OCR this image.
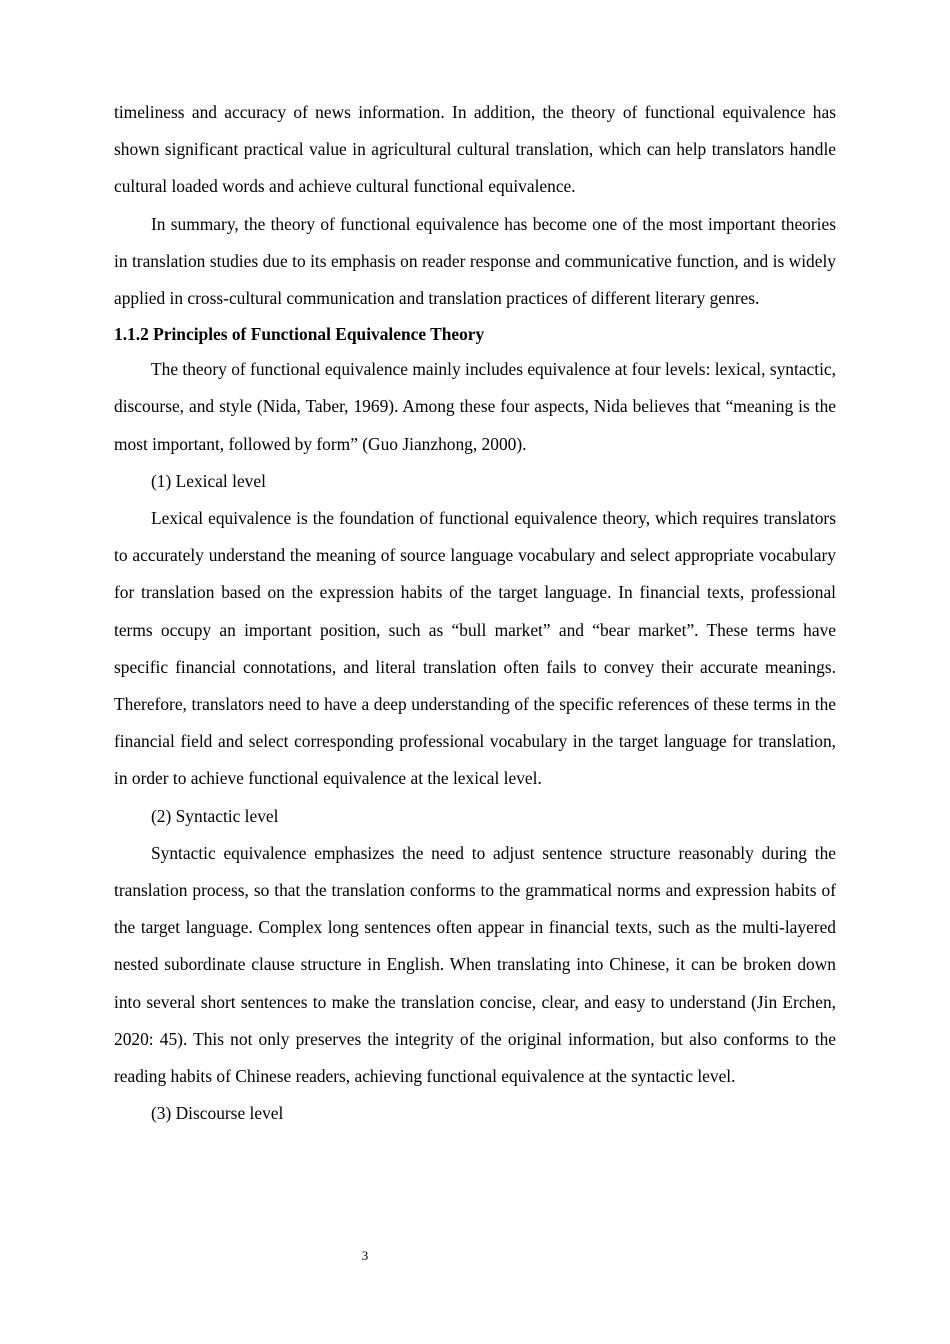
timeliness and accuracy of news information. In addition, the theory of functional equivalence has shown significant practical value in agricultural cultural translation, which can help translators handle cultural loaded words and achieve cultural functional equivalence.

In summary, the theory of functional equivalence has become one of the most important theories in translation studies due to its emphasis on reader response and communicative function, and is widely applied in cross-cultural communication and translation practices of different literary genres.

1.1.2 Principles of Functional Equivalence Theory

The theory of functional equivalence mainly includes equivalence at four levels: lexical, syntactic, discourse, and style (Nida, Taber, 1969). Among these four aspects, Nida believes that “meaning is the most important, followed by form” (Guo Jianzhong, 2000).

(1) Lexical level

Lexical equivalence is the foundation of functional equivalence theory, which requires translators to accurately understand the meaning of source language vocabulary and select appropriate vocabulary for translation based on the expression habits of the target language. In financial texts, professional terms occupy an important position, such as “bull market” and “bear market”. These terms have specific financial connotations, and literal translation often fails to convey their accurate meanings. Therefore, translators need to have a deep understanding of the specific references of these terms in the financial field and select corresponding professional vocabulary in the target language for translation, in order to achieve functional equivalence at the lexical level.

(2) Syntactic level

Syntactic equivalence emphasizes the need to adjust sentence structure reasonably during the translation process, so that the translation conforms to the grammatical norms and expression habits of the target language. Complex long sentences often appear in financial texts, such as the multi-layered nested subordinate clause structure in English. When translating into Chinese, it can be broken down into several short sentences to make the translation concise, clear, and easy to understand (Jin Erchen, 2020: 45). This not only preserves the integrity of the original information, but also conforms to the reading habits of Chinese readers, achieving functional equivalence at the syntactic level.

(3) Discourse level

3
